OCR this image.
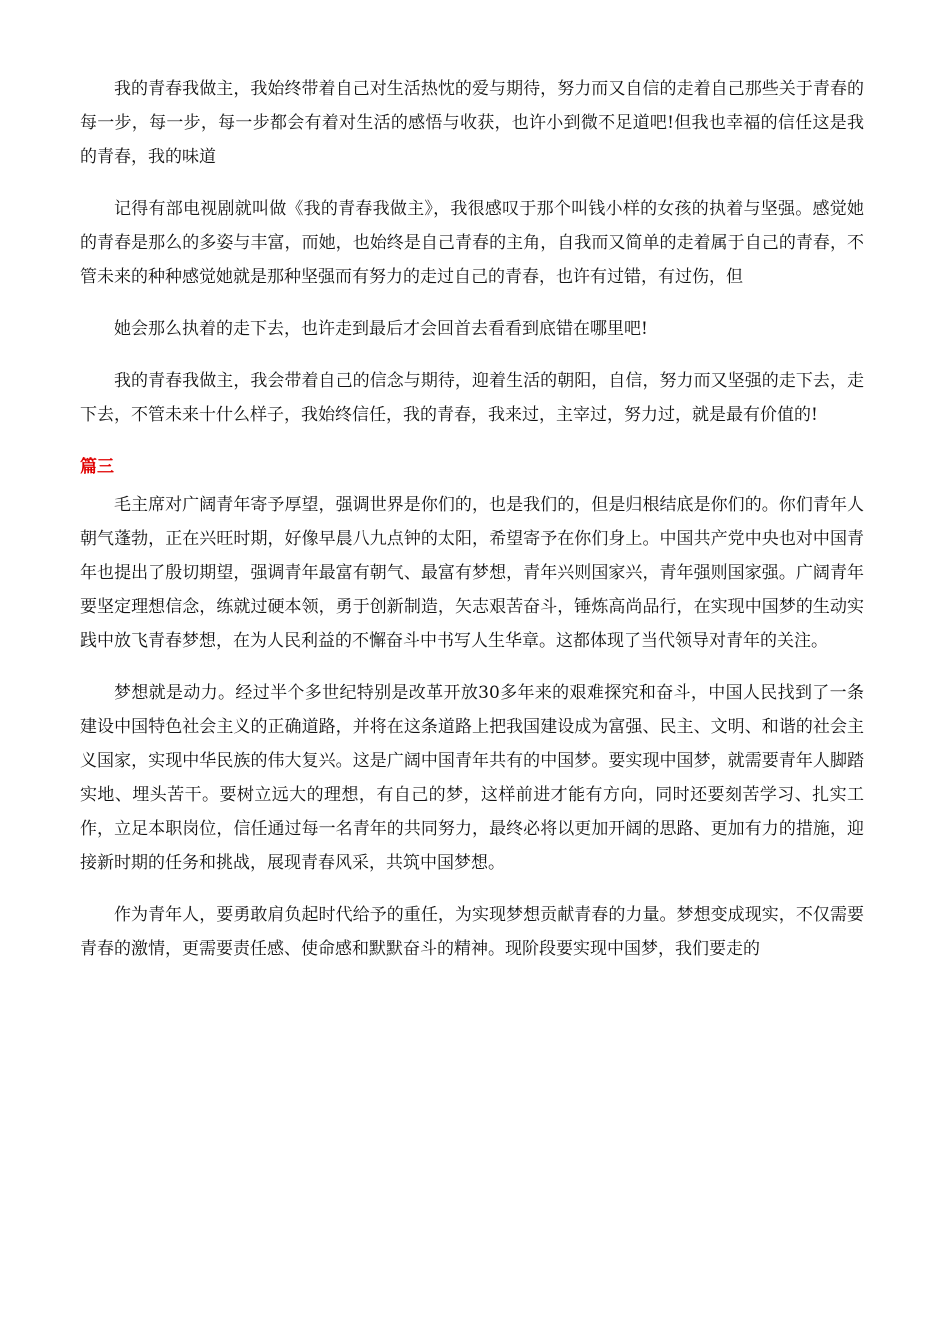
我的青春我做主，我始终带着自己对生活热忱的爱与期待，努力而又自信的走着自己那些关于青春的每一步，每一步，每一步都会有着对生活的感悟与收获，也许小到微不足道吧!但我也幸福的信任这是我的青春，我的味道

记得有部电视剧就叫做《我的青春我做主》，我很感叹于那个叫钱小样的女孩的执着与坚强。感觉她的青春是那么的多姿与丰富，而她，也始终是自己青春的主角，自我而又简单的走着属于自己的青春，不管未来的种种感觉她就是那种坚强而有努力的走过自己的青春，也许有过错，有过伤，但

她会那么执着的走下去，也许走到最后才会回首去看看到底错在哪里吧!

我的青春我做主，我会带着自己的信念与期待，迎着生活的朝阳，自信，努力而又坚强的走下去，走下去，不管未来十什么样子，我始终信任，我的青春，我来过，主宰过，努力过，就是最有价值的!

篇三

毛主席对广阔青年寄予厚望，强调世界是你们的，也是我们的，但是归根结底是你们的。你们青年人朝气蓬勃，正在兴旺时期，好像早晨八九点钟的太阳，希望寄予在你们身上。中国共产党中央也对中国青年也提出了殷切期望，强调青年最富有朝气、最富有梦想，青年兴则国家兴，青年强则国家强。广阔青年要坚定理想信念，练就过硬本领，勇于创新制造，矢志艰苦奋斗，锤炼高尚品行，在实现中国梦的生动实践中放飞青春梦想，在为人民利益的不懈奋斗中书写人生华章。这都体现了当代领导对青年的关注。

梦想就是动力。经过半个多世纪特别是改革开放30多年来的艰难探究和奋斗，中国人民找到了一条建设中国特色社会主义的正确道路，并将在这条道路上把我国建设成为富强、民主、文明、和谐的社会主义国家，实现中华民族的伟大复兴。这是广阔中国青年共有的中国梦。要实现中国梦，就需要青年人脚踏实地、埋头苦干。要树立远大的理想，有自己的梦，这样前进才能有方向，同时还要刻苦学习、扎实工作，立足本职岗位，信任通过每一名青年的共同努力，最终必将以更加开阔的思路、更加有力的措施，迎接新时期的任务和挑战，展现青春风采，共筑中国梦想。

作为青年人，要勇敢肩负起时代给予的重任，为实现梦想贡献青春的力量。梦想变成现实，不仅需要青春的激情，更需要责任感、使命感和默默奋斗的精神。现阶段要实现中国梦，我们要走的
